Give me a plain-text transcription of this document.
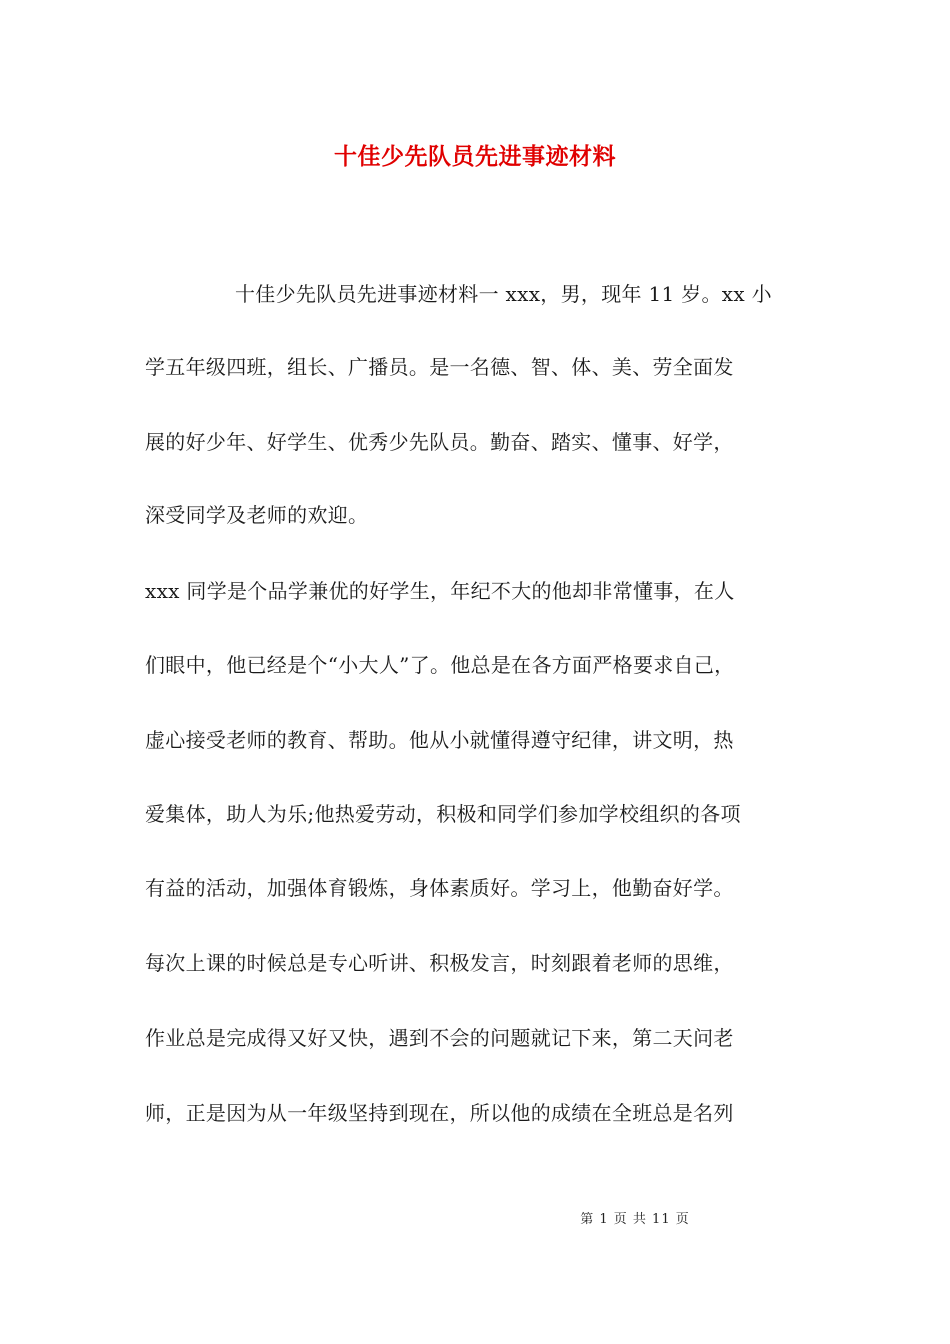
十佳少先队员先进事迹材料
十佳少先队员先进事迹材料一 xxx，男，现年 11 岁。xx 小
学五年级四班，组长、广播员。是一名德、智、体、美、劳全面发
展的好少年、好学生、优秀少先队员。勤奋、踏实、懂事、好学，
深受同学及老师的欢迎。
xxx 同学是个品学兼优的好学生，年纪不大的他却非常懂事，在人
们眼中，他已经是个“小大人”了。他总是在各方面严格要求自己，
虚心接受老师的教育、帮助。他从小就懂得遵守纪律，讲文明，热
爱集体，助人为乐;他热爱劳动，积极和同学们参加学校组织的各项
有益的活动，加强体育锻炼，身体素质好。学习上，他勤奋好学。
每次上课的时候总是专心听讲、积极发言，时刻跟着老师的思维，
作业总是完成得又好又快，遇到不会的问题就记下来，第二天问老
师，正是因为从一年级坚持到现在，所以他的成绩在全班总是名列
第 1 页 共 11 页
